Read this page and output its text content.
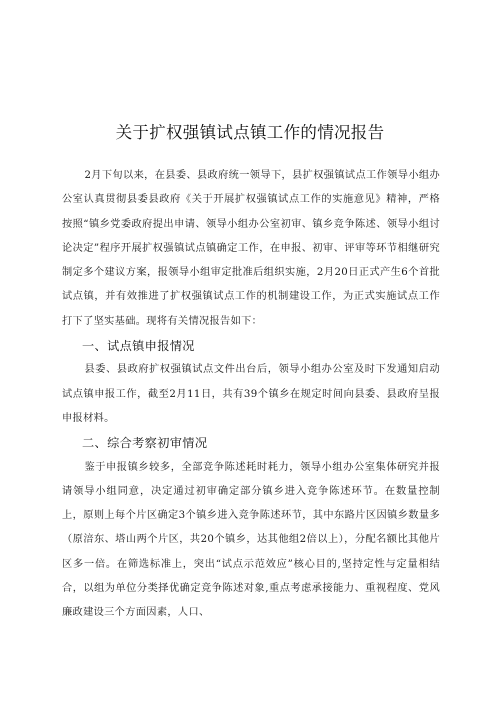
关于扩权强镇试点镇工作的情况报告

2月下旬以来，在县委、县政府统一领导下，县扩权强镇试点工作领导小组办公室认真贯彻县委县政府《关于开展扩权强镇试点工作的实施意见》精神，严格按照“镇乡党委政府提出申请、领导小组办公室初审、镇乡竞争陈述、领导小组讨论决定”程序开展扩权强镇试点镇确定工作，在申报、初审、评审等环节相继研究制定多个建议方案，报领导小组审定批准后组织实施，2月20日正式产生6个首批试点镇，并有效推进了扩权强镇试点工作的机制建设工作，为正式实施试点工作打下了坚实基础。现将有关情况报告如下：

一、试点镇申报情况

县委、县政府扩权强镇试点文件出台后，领导小组办公室及时下发通知启动试点镇申报工作，截至2月11日，共有39个镇乡在规定时间向县委、县政府呈报申报材料。

二、综合考察初审情况

鉴于申报镇乡较多，全部竞争陈述耗时耗力，领导小组办公室集体研究并报请领导小组同意，决定通过初审确定部分镇乡进入竞争陈述环节。在数量控制上，原则上每个片区确定3个镇乡进入竞争陈述环节，其中东路片区因镇乡数量多（原涪东、塔山两个片区，共20个镇乡，达其他组2倍以上），分配名额比其他片区多一倍。在筛选标准上，突出“试点示范效应”核心目的,坚持定性与定量相结合，以组为单位分类择优确定竞争陈述对象,重点考虑承接能力、重视程度、党风廉政建设三个方面因素，人口、
